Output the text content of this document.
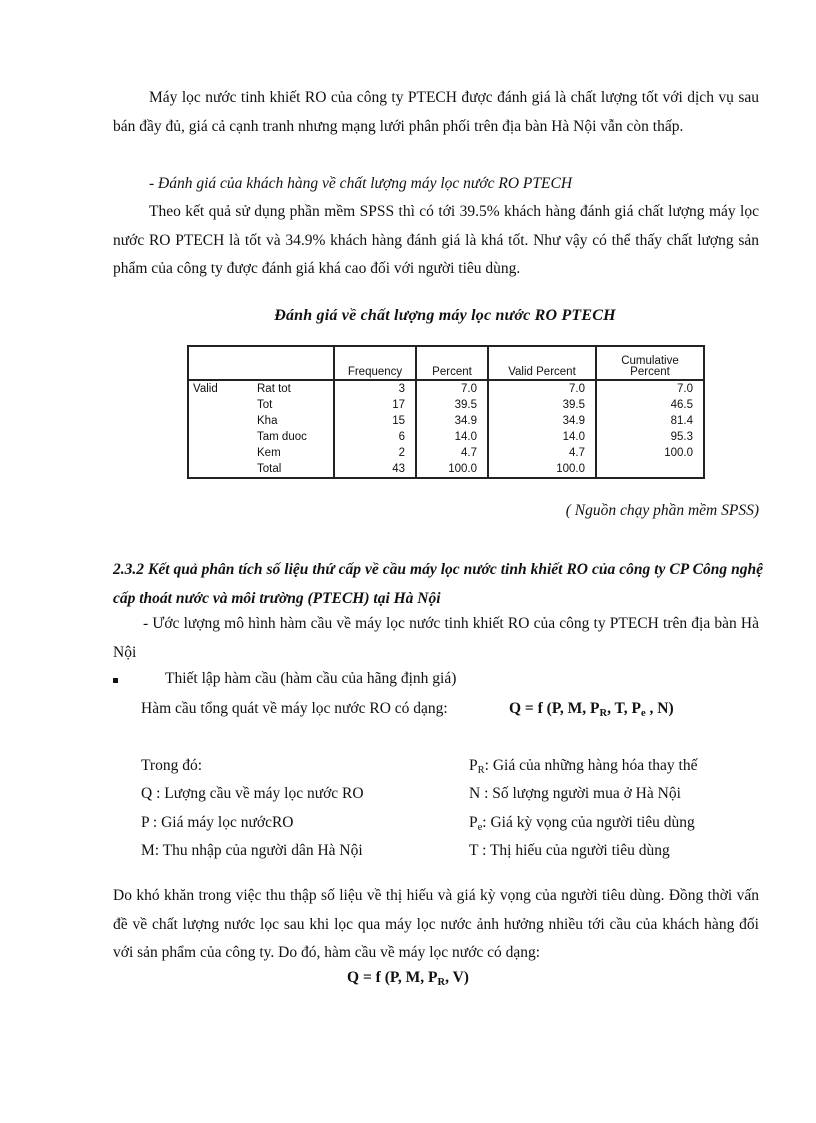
Máy lọc nước tinh khiết RO của công ty PTECH được đánh giá là chất lượng tốt với dịch vụ sau bán đầy đủ, giá cả cạnh tranh nhưng mạng lưới phân phối trên địa bàn Hà Nội vẫn còn thấp.
- Đánh giá của khách hàng về chất lượng máy lọc nước RO PTECH
Theo kết quả sử dụng phần mềm SPSS thì có tới 39.5% khách hàng đánh giá chất lượng máy lọc nước RO PTECH là tốt và 34.9% khách hàng đánh giá là khá tốt. Như vậy có thể thấy chất lượng sản phẩm của công ty được đánh giá khá cao đối với người tiêu dùng.
Đánh giá về chất lượng máy lọc nước RO PTECH
		Frequency	Percent	Valid Percent	Cumulative
Percent
Valid	Rat tot	3	7.0	7.0	7.0
	Tot	17	39.5	39.5	46.5
	Kha	15	34.9	34.9	81.4
	Tam duoc	6	14.0	14.0	95.3
	Kem	2	4.7	4.7	100.0
	Total	43	100.0	100.0	
( Nguồn chạy phần mềm SPSS)
2.3.2 Kết quả phân tích số liệu thứ cấp về cầu máy lọc nước tinh khiết RO của công ty CP Công nghệ cấp thoát nước và môi trường (PTECH) tại Hà Nội
- Ước lượng mô hình hàm cầu về máy lọc nước tinh khiết RO của công ty PTECH trên địa bàn Hà Nội
Thiết lập hàm cầu (hàm cầu của hãng định giá)
Hàm cầu tổng quát về máy lọc nước RO có dạng:	Q = f (P, M, $P_R$, T, $P_e$ , N)
Trong đó:
Q : Lượng cầu về máy lọc nước RO
P : Giá máy lọc nướcRO
M: Thu nhập của người dân Hà Nội
$P_R$: Giá của những hàng hóa thay thế
N : Số lượng người mua ở Hà Nội
$P_e$: Giá kỳ vọng của người tiêu dùng
T : Thị hiếu của người tiêu dùng
Do khó khăn trong việc thu thập số liệu về thị hiếu và giá kỳ vọng của người tiêu dùng. Đồng thời vấn đề về chất lượng nước lọc sau khi lọc qua máy lọc nước ảnh hưởng nhiều tới cầu của khách hàng đối với sản phẩm của công ty. Do đó, hàm cầu về máy lọc nước có dạng:
Q = f (P, M, $P_R$, V)
